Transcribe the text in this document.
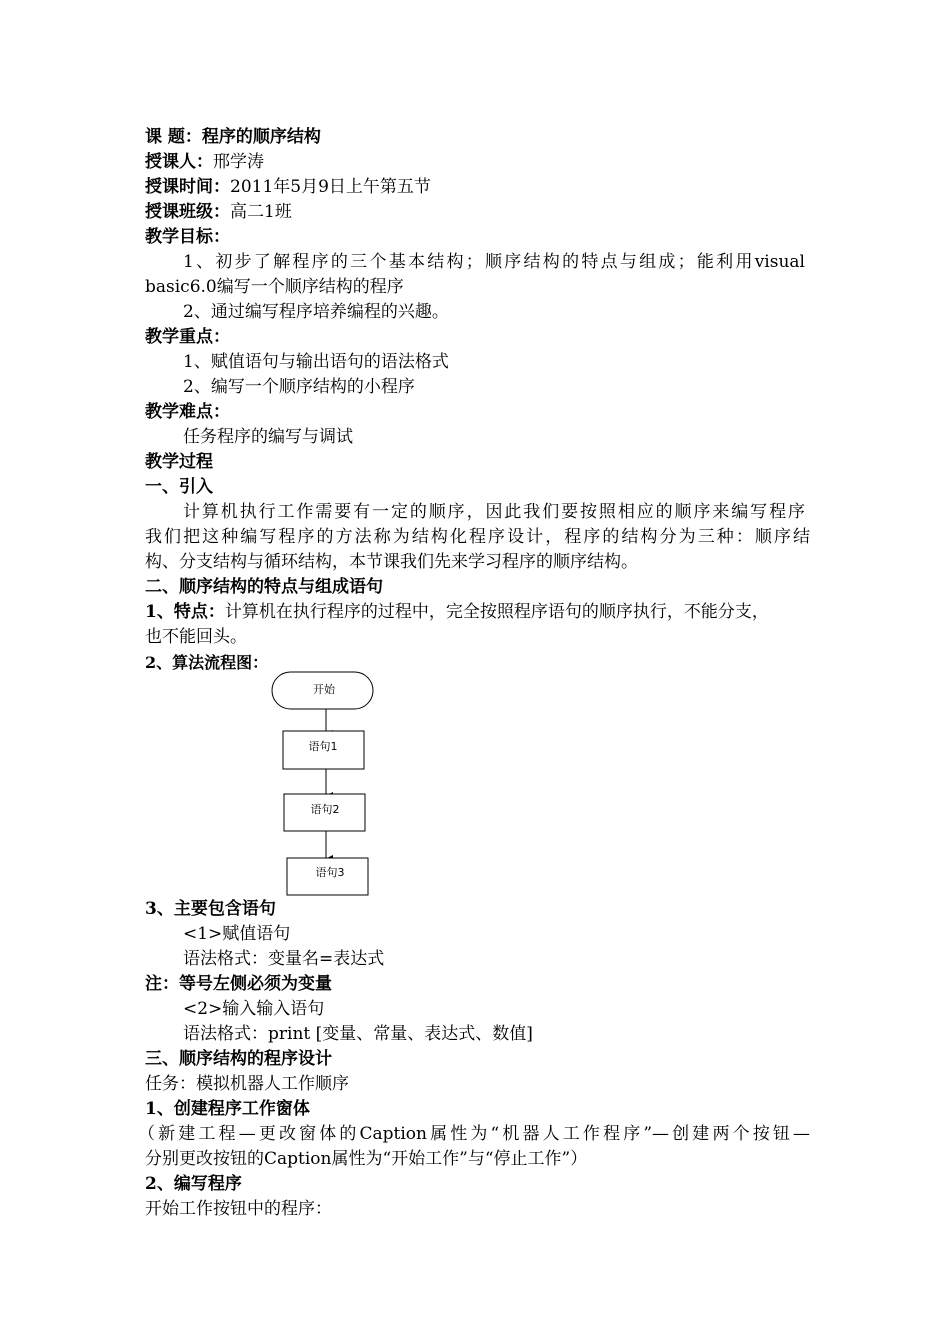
课 题：程序的顺序结构
授课人：邢学涛
授课时间：2011年5月9日上午第五节
授课班级：高二1班
教学目标：
1、初步了解程序的三个基本结构；顺序结构的特点与组成；能利用visual
basic6.0编写一个顺序结构的程序
2、通过编写程序培养编程的兴趣。
教学重点：
1、赋值语句与输出语句的语法格式
2、编写一个顺序结构的小程序
教学难点：
任务程序的编写与调试
教学过程
一、引入
计算机执行工作需要有一定的顺序，因此我们要按照相应的顺序来编写程序
我们把这种编写程序的方法称为结构化程序设计，程序的结构分为三种：顺序结
构、分支结构与循环结构，本节课我们先来学习程序的顺序结构。
二、顺序结构的特点与组成语句
1、特点：计算机在执行程序的过程中，完全按照程序语句的顺序执行，不能分支，
也不能回头。
2、算法流程图：
开始
语句1
语句2
语句3
3、主要包含语句
<1>赋值语句
语法格式：变量名=表达式
注：等号左侧必须为变量
<2>输入输入语句
语法格式：print [变量、常量、表达式、数值]
三、顺序结构的程序设计
任务：模拟机器人工作顺序
1、创建程序工作窗体
（新建工程—更改窗体的Caption属性为“机器人工作程序”—创建两个按钮—
分别更改按钮的Caption属性为“开始工作”与“停止工作”）
2、编写程序
开始工作按钮中的程序：
